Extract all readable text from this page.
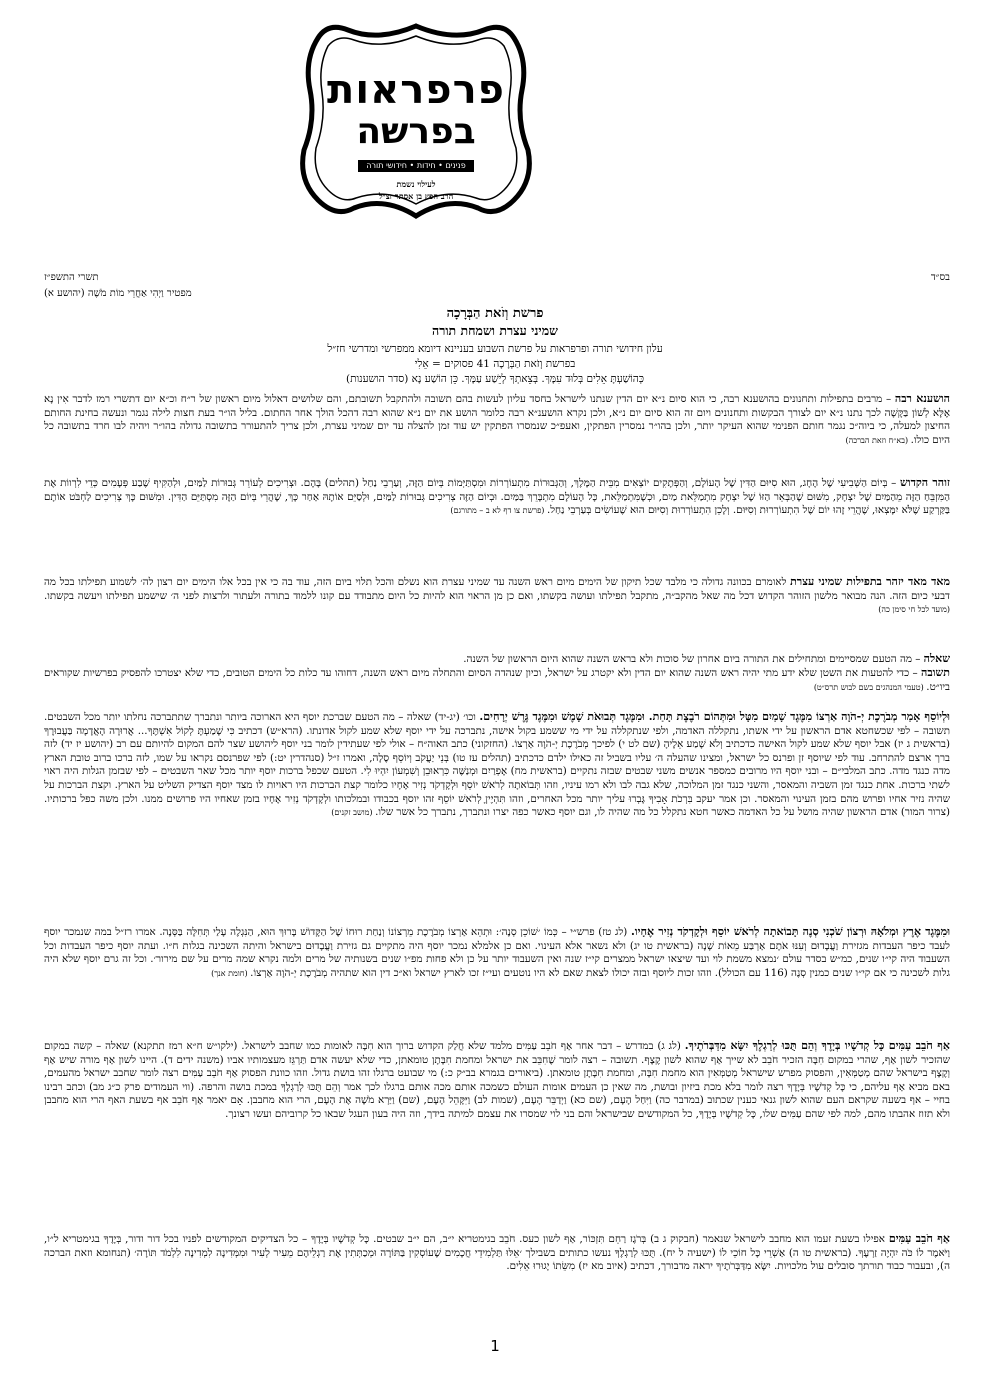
פרפראות
בפרשה
פנינים • חידות • חידושי תורה
לעילוי נשמת
הרב חפץ בן אסתר זצ״ל
בס״ד
תשרי התשפ״ז
מפטיר וַיְהִי אַחֲרֵי מוֹת מֹשֶׁה (יהושע א)
פרשת וְזֹאת הַבְּרָכָה
שמיני עצרת ושמחת תורה
עלון חידושי תורה ופרפראות על פרשת השבוע בעניינא דיומא ממפרשי ומדרשי חז״ל
בפרשת וְזֹאת הַבְּרָכָה 41 פסוקים = אֵלִי
כְּהוֹשַׁעְתָּ אֵלִים בְּלוּד עִמָּךְ. בְּצֵאתְךָ לְיֵשַׁע עַמָּךְ. כֵּן הוֹשַׁע נָא (סדר הושענות)
הושענא רבה – מרבים בתפילות ותחנונים בהושענא רבה, כי הוא סיום נ״א יום הדין שנתנו לישראל בחסד עליון לעשות בהם תשובה ולהתקבל תשובתם, והם שלושים דאלול מיום ראשון של ר״ח וכ״א יום דתשרי רמז לדבר אִין נָא אֶלָּא לְשׁוֹן בַּקָּשָׁה לכך נתנו נ״א יום לצורך הבקשות ותחנונים ויום זה הוא סיום יום נ״א, ולכן נקרא הושענ״א רבה כלומר הושע את יום נ״א שהוא רבה דהכל הולך אחר החתום. בליל הו״ר בעת חצות לילה נגמר ונעשה בחינת החותם החיצון למעלה, כי ביוה״כ נגמר חותם הפנימי שהוא העיקר יותר, ולכן בהו״ר נמסרין הפתקין, ואעפ״כ שנמסרו הפתקין יש עוד זמן להצלה עד יום שמיני עצרת, ולכן צריך להתעורר בתשובה גדולה בהו״ר ויהיה לבו חרד בתשובה כל היום כולו. (בא״ח וזאת הברכה)
זוהר הקדוש – בְּיוֹם הַשְּׁבִיעִי שֶׁל הֶחָג, הוּא סִיּוּם הַדִּין שֶׁל הָעוֹלָם, וְהַפְּתָקִים יוֹצְאִים מִבֵּית הַמֶּלֶךְ, וְהַגְּבוּרוֹת מִתְעוֹרְרוֹת וּמִסְתַּיְּמוֹת בְּיוֹם הַזֶּה, וְעַרְבֵי נַחַל (תהלים) בָּהֶם. וּצְרִיכִים לְעוֹרֵר גְּבוּרוֹת לַמַּיִם, וּלְהַקִּיף שֶׁבַע פְּעָמִים כְּדֵי לִרְווֹת אֶת הַמִּזְבֵּחַ הַזֶּה מֵהַמַּיִם שֶׁל יִצְחָק, מִשּׁוּם שֶׁהַבְּאֵר הַזּוֹ שֶׁל יִצְחָק מִתְמַלֵּאת מַיִם, וּכְשֶׁמִּתְמַלֵּאת, כָּל הָעוֹלָם מִתְבָּרֵךְ בַּמַּיִם. וּבְיוֹם הַזֶּה צְרִיכִים גְּבוּרוֹת לַמַּיִם, וּלְסַיֵּם אוֹתָהּ אַחַר כָּךְ, שֶׁהֲרֵי בְּיוֹם הַזֶּה מִסְתַּיֵּם הַדִּין. וּמִשּׁוּם כָּךְ צְרִיכִים לַחְבֹּט אוֹתָם בַּקַּרְקַע שֶׁלֹּא יִמָּצְאוּ, שֶׁהֲרֵי זֶהוּ יוֹם שֶׁל הִתְעוֹרְרוּת וְסִיּוּם. וְלָכֵן הִתְעוֹרְרוּת וְסִיּוּם הוּא שֶׁעוֹשִׂים בְּעַרְבֵי נַחַל. (פרשת צו דף לא ב – מתורגם)
מאד מאד יזהר בתפילות שמיני עצרת לאומרם בכוונה גדולה כי מלבד שכל תיקון של הימים מיום ראש השנה עד שמיני עצרת הוא נשלם והכל תלוי ביום הזה, עוד בה כי אין בכל אלו הימים יום רצון לה׳ לשמוע תפילתו בכל מה דבעי כיום הזה. הנה מבואר מלשון הזוהר הקדוש דכל מה שאל מהקב״ה, מתקבל תפילתו ועושה בקשתו, ואם כן מן הראוי הוא להיות כל היום מתבודד עם קונו ללמוד בתורה ולעתור ולרצות לפני ה׳ שישמע תפילתו ויעשה בקשתו. (מועד לכל חי סימן כה)
שאלה – מה הטעם שמסיימים ומתחילים את התורה ביום אחרון של סוכות ולא בראש השנה שהוא היום הראשון של השנה.
תשובה – כדי להטעות את השטן שלא ידע מתי יהיה ראש השנה שהוא יום הדין ולא יקטרג על ישראל, וכיון שנהדה הסיום והתחלה מיום ראש השנה, דחוהו עד כלות כל הימים הטובים, כדי שלא יצטרכו להפסיק בפרשיות שקוראים ביו״ט. (טעמי המנהגים בשם לבוש תרס״ט)
וּלְיוֹסֵף אָמַר מְבֹרֶכֶת יְ-הֹוָה אַרְצוֹ מִמֶּגֶד שָׁמַיִם מִטָּל וּמִתְּהוֹם רֹבֶצֶת תָּחַת. וּמִמֶּגֶד תְּבוּאֹת שָׁמֶשׁ וּמִמֶּגֶד גֶּרֶשׁ יְרָחִים. וכו׳ (יג-יד) שאלה – מה הטעם שברכת יוסף היא הארוכה ביותר ונתברך שתתברכה נחלתו יותר מכל השבטים. תשובה – לפי שכשחטא אדם הראשון על ידי אשתו, נתקללה האדמה, ולפי שנתקללה על ידי מי ששמע בקול אישה, נתברכה על ידי יוסף שלא שמע לקול אדונתו. (הרא״ש) דכתיב כִּי שָׁמַעְתָּ לְקוֹל אִשְׁתֶּךָ... אֲרוּרָה הָאֲדָמָה בַּעֲבוּרֶךָ (בראשית ג יז) אבל יוסף שלא שמע לקול האישה כדכתיב וְלֹא שָׁמַע אֵלֶיהָ (שם לט י) לפיכך מְבֹרֶכֶת יְ-הֹוָה אַרְצוֹ. (החזקוני) כתב האוה״ח – אולי לפי שעתידין לומר בני יוסף ליהושע שצר להם המקום להיותם עם רב (יהושע יז יד) לזה ברך ארצם להתרחב. עוד לפי שיוסף זן ופרנס כל ישראל, ומצינו שהעלה ה׳ עליו בשביל זה כאילו ילדם כדכתיב (תהלים עז טו) בְּנֵי יַעֲקֹב וְיוֹסֵף סֶלָה, ואמרו ז״ל (סנהדרין יט:) לפי שפרנסם נקראו על שמו, לזה ברכו ברוב טובת הארץ מדה כנגד מדה. כתב המלבי״ם – ובני יוסף היו מרובים כמספר אנשים משני שבטים שבזה נתקיים (בראשית מח) אֶפְרַיִם וּמְנַשֶּׁה כִּרְאוּבֵן וְשִׁמְעוֹן יִהְיוּ לִי. הטעם שכפל ברכות יוסף יותר מכל שאר השבטים – לפי שבזמן הגלות היה ראוי לשתי ברכות. אחת כנגד זמן השביה והמאסר, והשני כנגד זמן המלוכה, שלא גבה לבו ולא רמו עיניו, וזהו תְּבוֹאתָה לְרֹאשׁ יוֹסֵף וּלְקָדְקֹד נְזִיר אֶחָיו כלומר קצת הברכות היו ראויות לו מצד יוסף הצדיק השליט על הארץ. וקצת הברכות על שהיה נזיר אחיו ופרוש מהם בזמן העינוי והמאסר. וכן אמר יעקב בִּרְכֹת אָבִיךָ גָּבְרוּ עליך יותר מכל האחרים, וזהו תִּהְיֶיןָ לְרֹאשׁ יוֹסֵף זהו יוסף בכבודו ובמלכותו ולְקָדְקֹד נְזִיר אֶחָיו בזמן שאחיו היו פרושים ממנו. ולכן משה כפל ברכותיו. (צרור המור) אדם הראשון שהיה מושל על כל האדמה כאשר חטא נתקלל כל מה שהיה לו, וגם יוסף כאשר כפה יצרו ונתברך, נתברך כל אשר שלו. (מושב זקנים)
וּמִמֶּגֶד אֶרֶץ וּמְלֹאָהּ וּרְצוֹן שֹׁכְנִי סְנֶה תָּבוֹאתָה לְרֹאשׁ יוֹסֵף וּלְקָדְקֹד נְזִיר אֶחָיו. (לג טז) פרש״י – כְּמוֹ ׳שׁוֹכֵן סְנֶה׳: וּתְהֵא אַרְצוֹ מְבֹרֶכֶת מֵרְצוֹנוֹ וְנַחַת רוּחוֹ שֶׁל הַקָּדוֹשׁ בָּרוּךְ הוּא, הַנִּגְלֶה עָלַי תְּחִלָּה בַּסְּנֶה. אמרו רז״ל במה שנמכר יוסף לעבד כיפר העבדות מגזירת וַעֲבָדוּם וְעִנּוּ אֹתָם אַרְבַּע מֵאוֹת שָׁנָה (בראשית טו יג) ולא נשאר אלא העינוי. ואם כן אלמלא נמכר יוסף היה מתקיים גם גזירת וַעֲבָדוּם בישראל והיתה השכינה בגלות ח״ו. ועתה יוסף כיפר העבדות וכל השעבוד היה קי״ו שנים, כמ״ש בסדר עולם ׳נמצא משמת לוי ועד שיצאו ישראל ממצרים קי״ז שנה ואין השעבוד יותר על כן ולא פחות מפ״ו שנים בשנותיה של מרים ולמה נקרא שמה מרים על שם מירור׳. וכל זה גרם יוסף שלא היה גלות לשכינה כי אם קי״ו שנים כמנין סְנֶה (116 עם הכולל). וזהו זכות ליוסף ובזה יכולו לצאת שאם לא היו נוטעים ועי״ז זכו לארץ ישראל וא״כ דין הוא שתהיה מְבֹרֶכֶת יְ-הֹוָה אַרְצוֹ. (חומת אנך)
אַף חֹבֵב עַמִּים כָּל קְדֹשָׁיו בְּיָדֶךָ וְהֵם תֻּכּוּ לְרַגְלֶךָ יִשָּׂא מִדַּבְּרֹתֶיךָ. (לג ג) במדרש – דבר אחר אַף חֹבֵב עַמִּים מלמד שלא חֲלַק הקדוש ברוך הוא חִבָּה לאומות כמו שחבב לישראל. (ילקו״ש ח״א רמז תתקנא) שאלה – קשה במקום שהזכיר לשון אַף, שהרי במקום חִבָּה הזכיר חֹבֵב לא שייך אַף שהוא לשון קֶצֶף. תשובה – רצה לומר שֶׁחִבֵּב את ישראל ומחמת חִבָּתָן טומאתן, כדי שלא יעשה אדם תַּרְגֵּז מעצמותיו אביו (משנה ידים ד). היינו לשון אַף מורה שיש אַף וְקֶצֶף בישראל שהם מְטַמְּאִין, והפסוק מפרש שישראל מְטַמְּאִין הוא מחמת חִבָּה, ומחמת חִבָּתָן טומאתן. (ביאורים בגמרא בב״ק כ:) מי שבועט ברגלו זהו בושת גדול. וזהו כוונת הפסוק אַף חֹבֵב עַמִּים רצה לומר שחבב ישראל מהעמים, באם מביא אַף עליהם, כי כָּל קְדֹשָׁיו בְּיָדֶךָ רצה לומר בלא מכת ביזיון ובושת, מה שאין כן העמים אומות העולם כשמכה אותם מכה אותם ברגלו לכך אמר וְהֵם תֻּכּוּ לְרַגְלֶךָ במכת בושה והרפה. (ווי העמודים פרק כ״ג מב) וכתב רבינו בחיי – אף בשעה שקראם העם שהוא לשון גנאי כענין שכתוב (במדבר כה) וַיִּחַל הָעָם, (שם כא) וַיְדַבֵּר הָעָם, (שמות לב) וַיִּקָּהֵל הָעָם, (שם) וַיַּרְא מֹשֶׁה אֶת הָעָם, הרי הוא מחבבן. אָם יאמר אַף חֹבֵב אף בשעת האף הרי הוא מחבבן ולא תזוז אהבתו מהם, למה לפי שהם עַמִּים שלו, כָּל קְדֹשָׁיו בְּיָדֶךָ, כל המקודשים שבישראל והם בני לוי שמסרו את עצמם למיתה בידך, וזה היה בעון העגל שבאו כל קרוביהם ועשו רצונך.
אַף חֹבֵב עַמִּים אפילו בשעת זעמו הוא מחבב לישראל שנאמר (חבקוק ג ב) בְּרֹגֶז רַחֵם תִּזְכּוֹר, אַף לשון כעס. חֹבֵב בגימטריא י״ב, הם י״ב שבטים. כָּל קְדֹשָׁיו בְּיָדֶךָ – כל הצדיקים המקודשים לפניו בכל דור ודור, בְּיָדֶךָ בגימטריא ל״ו, וַיֹּאמֶר לוֹ כֹּה יִהְיֶה זַרְעֶךָ. (בראשית טו ה) אַשְׁרֵי כָּל חוֹכֵי לוֹ (ישעיה ל יח). תֻּכּוּ לְרַגְלֶךָ נעשו כתותים בשבילך ׳אֵלּוּ תַּלְמִידֵי חֲכָמִים שֶׁעוֹסְקִין בַּתּוֹרָה וּמְכַתְּתִין אֶת רַגְלֵיהֶם מֵעִיר לְעִיר וּמִמְּדִינָה לִמְדִינָה לִלְמֹד תּוֹרָה׳ (תנחומא וזאת הברכה ה), ובעבור כבוד תורתך סובלים עול מלכויות. יִשָּׂא מִדַּבְּרֹתֶיךָ יראה מדבורך, דכתיב (איוב מא יז) מִשֵּׂתוֹ יָגוּרוּ אֵלִים.
1
